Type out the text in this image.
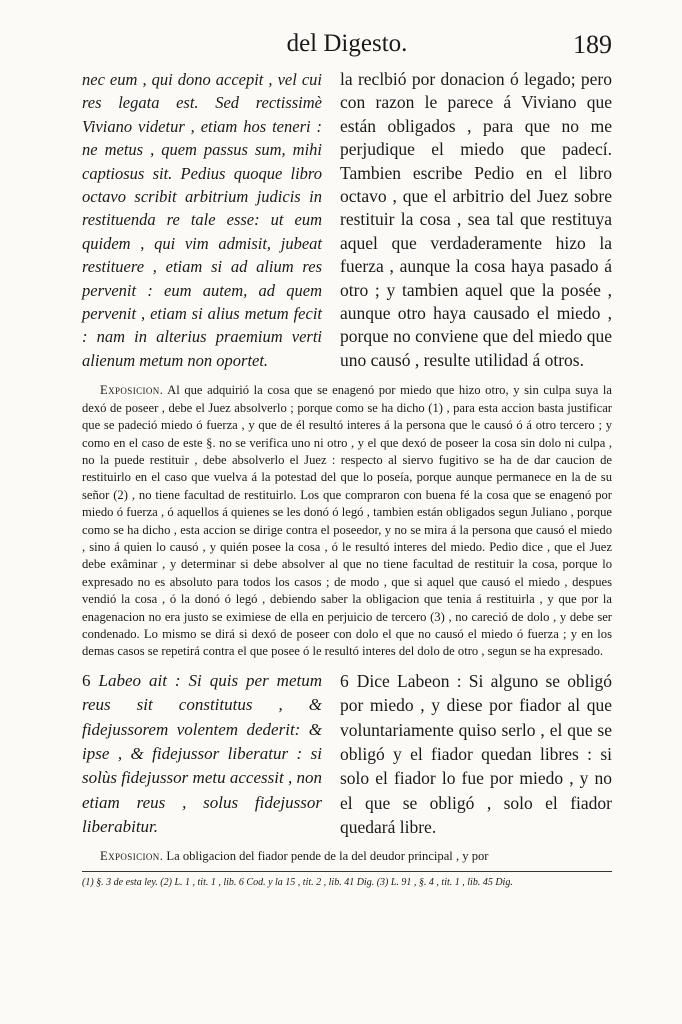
del Digesto.	189
nec eum , qui dono accepit , vel cui res legata est. Sed rectissimè Viviano videtur , etiam hos teneri : ne metus , quem passus sum, mihi captiosus sit. Pedius quoque libro octavo scribit arbitrium judicis in restituenda re tale esse: ut eum quidem , qui vim admisit, jubeat restituere , etiam si ad alium res pervenit : eum autem, ad quem pervenit , etiam si alius metum fecit : nam in alterius praemium verti alienum metum non oportet.
la reclbió por donacion ó legado; pero con razon le parece á Viviano que están obligados , para que no me perjudique el miedo que padecí. Tambien escribe Pedio en el libro octavo , que el arbitrio del Juez sobre restituir la cosa , sea tal que restituya aquel que verdaderamente hizo la fuerza , aunque la cosa haya pasado á otro ; y tambien aquel que la posée , aunque otro haya causado el miedo , porque no conviene que del miedo que uno causó , resulte utilidad á otros.
Exposicion. Al que adquirió la cosa que se enagenó por miedo que hizo otro, y sin culpa suya la dexó de poseer , debe el Juez absolverlo ; porque como se ha dicho (1) , para esta accion basta justificar que se padeció miedo ó fuerza , y que de él resultó interes á la persona que le causó ó á otro tercero ; y como en el caso de este §. no se verifica uno ni otro , y el que dexó de poseer la cosa sin dolo ni culpa , no la puede restituir , debe absolverlo el Juez : respecto al siervo fugitivo se ha de dar caucion de restituirlo en el caso que vuelva á la potestad del que lo poseía, porque aunque permanece en la de su señor (2) , no tiene facultad de restituirlo. Los que compraron con buena fé la cosa que se enagenó por miedo ó fuerza , ó aquellos á quienes se les donó ó legó , tambien están obligados segun Juliano , porque como se ha dicho , esta accion se dirige contra el poseedor, y no se mira á la persona que causó el miedo , sino á quien lo causó , y quién posee la cosa , ó le resultó interes del miedo. Pedio dice , que el Juez debe exâminar , y determinar si debe absolver al que no tiene facultad de restituir la cosa, porque lo expresado no es absoluto para todos los casos ; de modo , que si aquel que causó el miedo , despues vendió la cosa , ó la donó ó legó , debiendo saber la obligacion que tenia á restituirla , y que por la enagenacion no era justo se eximiese de ella en perjuicio de tercero (3) , no careció de dolo , y debe ser condenado. Lo mismo se dirá si dexó de poseer con dolo el que no causó el miedo ó fuerza ; y en los demas casos se repetirá contra el que posee ó le resultó interes del dolo de otro , segun se ha expresado.
6 Labeo ait : Si quis per metum reus sit constitutus , & fidejussorem volentem dederit: & ipse , & fidejussor liberatur : si solùs fidejussor metu accessit , non etiam reus , solus fidejussor liberabitur.
6 Dice Labeon : Si alguno se obligó por miedo , y diese por fiador al que voluntariamente quiso serlo , el que se obligó y el fiador quedan libres : si solo el fiador lo fue por miedo , y no el que se obligó , solo el fiador quedará libre.
Exposicion. La obligacion del fiador pende de la del deudor principal , y por
(1) §. 3 de esta ley. (2) L. 1 , tit. 1 , lib. 6 Cod. y la 15 , tit. 2 , lib. 41 Dig. (3) L. 91 , §. 4 , tit. 1 , lib. 45 Dig.
